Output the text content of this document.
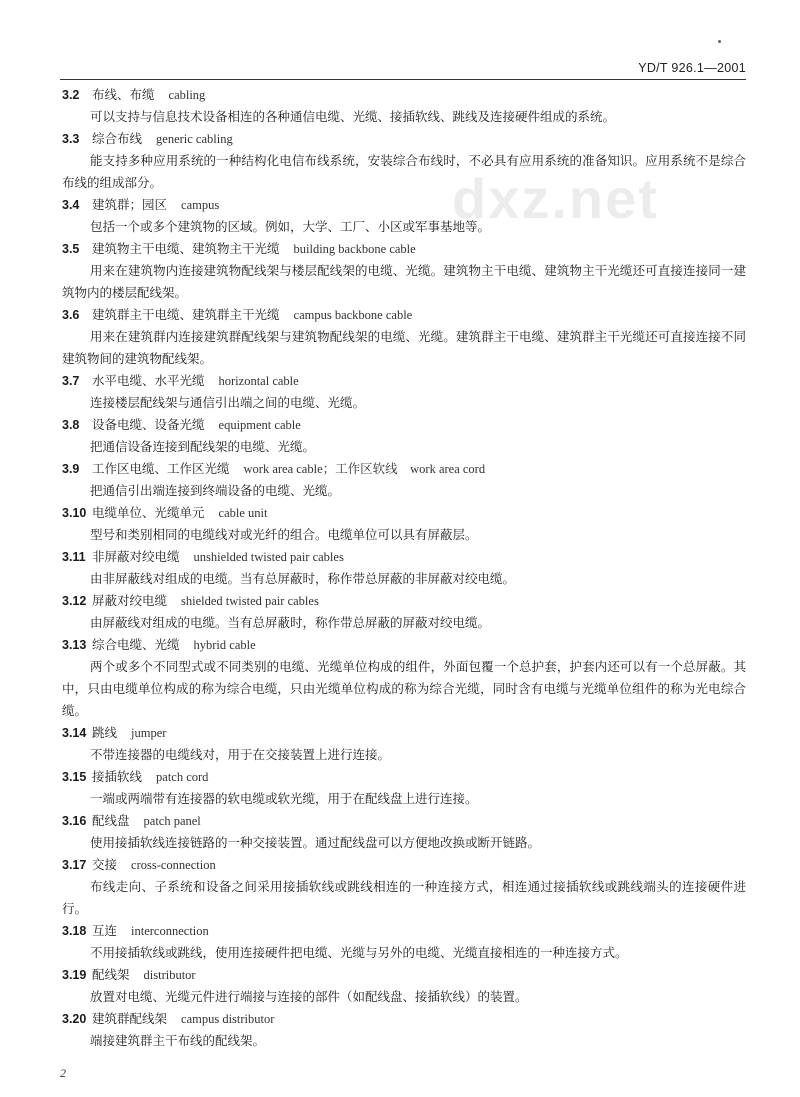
YD/T 926.1—2001
dxz.net
3.2 布线、布缆 cabling

可以支持与信息技术设备相连的各种通信电缆、光缆、接插软线、跳线及连接硬件组成的系统。

3.3 综合布线 generic cabling

能支持多种应用系统的一种结构化电信布线系统，安装综合布线时，不必具有应用系统的准备知识。应用系统不是综合布线的组成部分。

3.4 建筑群；园区 campus

包括一个或多个建筑物的区域。例如，大学、工厂、小区或军事基地等。

3.5 建筑物主干电缆、建筑物主干光缆 building backbone cable

用来在建筑物内连接建筑物配线架与楼层配线架的电缆、光缆。建筑物主干电缆、建筑物主干光缆还可直接连接同一建筑物内的楼层配线架。

3.6 建筑群主干电缆、建筑群主干光缆 campus backbone cable

用来在建筑群内连接建筑群配线架与建筑物配线架的电缆、光缆。建筑群主干电缆、建筑群主干光缆还可直接连接不同建筑物间的建筑物配线架。

3.7 水平电缆、水平光缆 horizontal cable

连接楼层配线架与通信引出端之间的电缆、光缆。

3.8 设备电缆、设备光缆 equipment cable

把通信设备连接到配线架的电缆、光缆。

3.9 工作区电缆、工作区光缆 work area cable；工作区软线　work area cord

把通信引出端连接到终端设备的电缆、光缆。

3.10 电缆单位、光缆单元 cable unit

型号和类别相同的电缆线对或光纤的组合。电缆单位可以具有屏蔽层。

3.11 非屏蔽对绞电缆 unshielded twisted pair cables

由非屏蔽线对组成的电缆。当有总屏蔽时，称作带总屏蔽的非屏蔽对绞电缆。

3.12 屏蔽对绞电缆 shielded twisted pair cables

由屏蔽线对组成的电缆。当有总屏蔽时，称作带总屏蔽的屏蔽对绞电缆。

3.13 综合电缆、光缆 hybrid cable

两个或多个不同型式或不同类别的电缆、光缆单位构成的组件，外面包覆一个总护套，护套内还可以有一个总屏蔽。其中，只由电缆单位构成的称为综合电缆，只由光缆单位构成的称为综合光缆，同时含有电缆与光缆单位组件的称为光电综合缆。

3.14 跳线 jumper

不带连接器的电缆线对，用于在交接装置上进行连接。

3.15 接插软线 patch cord

一端或两端带有连接器的软电缆或软光缆，用于在配线盘上进行连接。

3.16 配线盘 patch panel

使用接插软线连接链路的一种交接装置。通过配线盘可以方便地改换或断开链路。

3.17 交接 cross-connection

布线走向、子系统和设备之间采用接插软线或跳线相连的一种连接方式，相连通过接插软线或跳线端头的连接硬件进行。

3.18 互连 interconnection

不用接插软线或跳线，使用连接硬件把电缆、光缆与另外的电缆、光缆直接相连的一种连接方式。

3.19 配线架 distributor

放置对电缆、光缆元件进行端接与连接的部件（如配线盘、接插软线）的装置。

3.20 建筑群配线架 campus distributor

端接建筑群主干布线的配线架。

2
